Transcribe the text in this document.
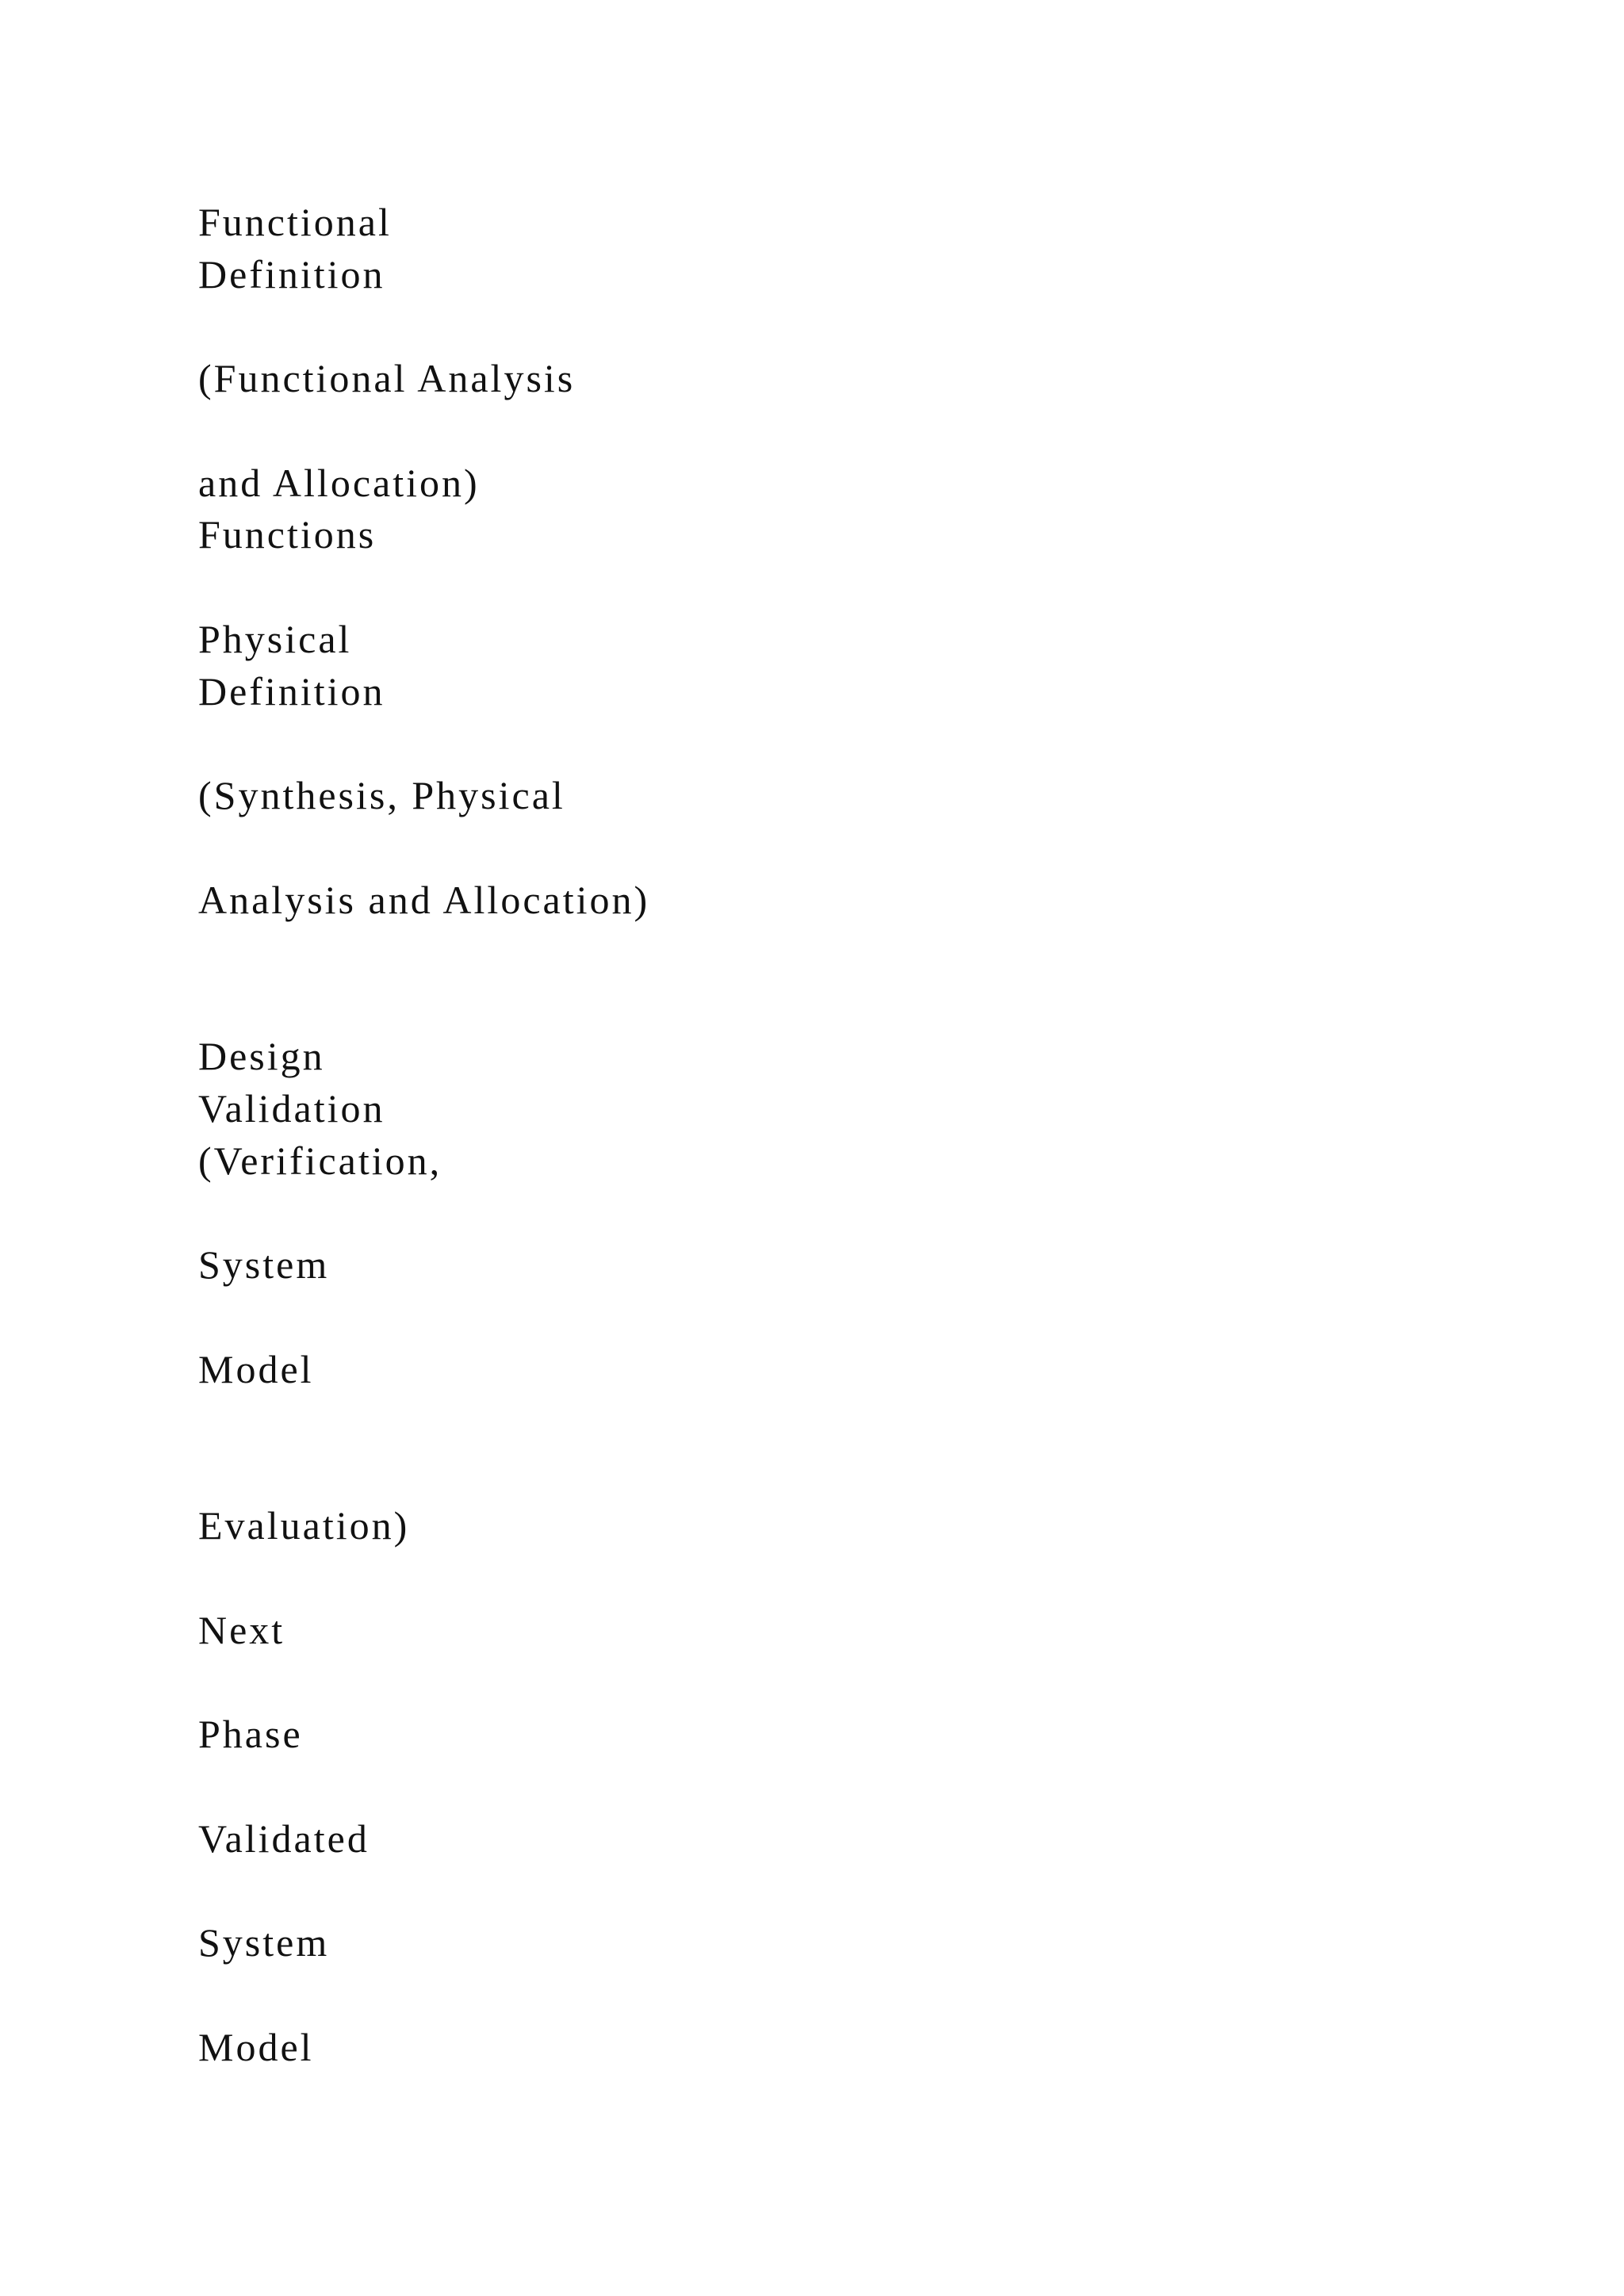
Functional

Definition

(Functional Analysis

and Allocation)

Functions

Physical

Definition

(Synthesis, Physical

Analysis and Allocation)

Design

Validation

(Verification,

System

Model

Evaluation)

Next

Phase

Validated

System

Model
